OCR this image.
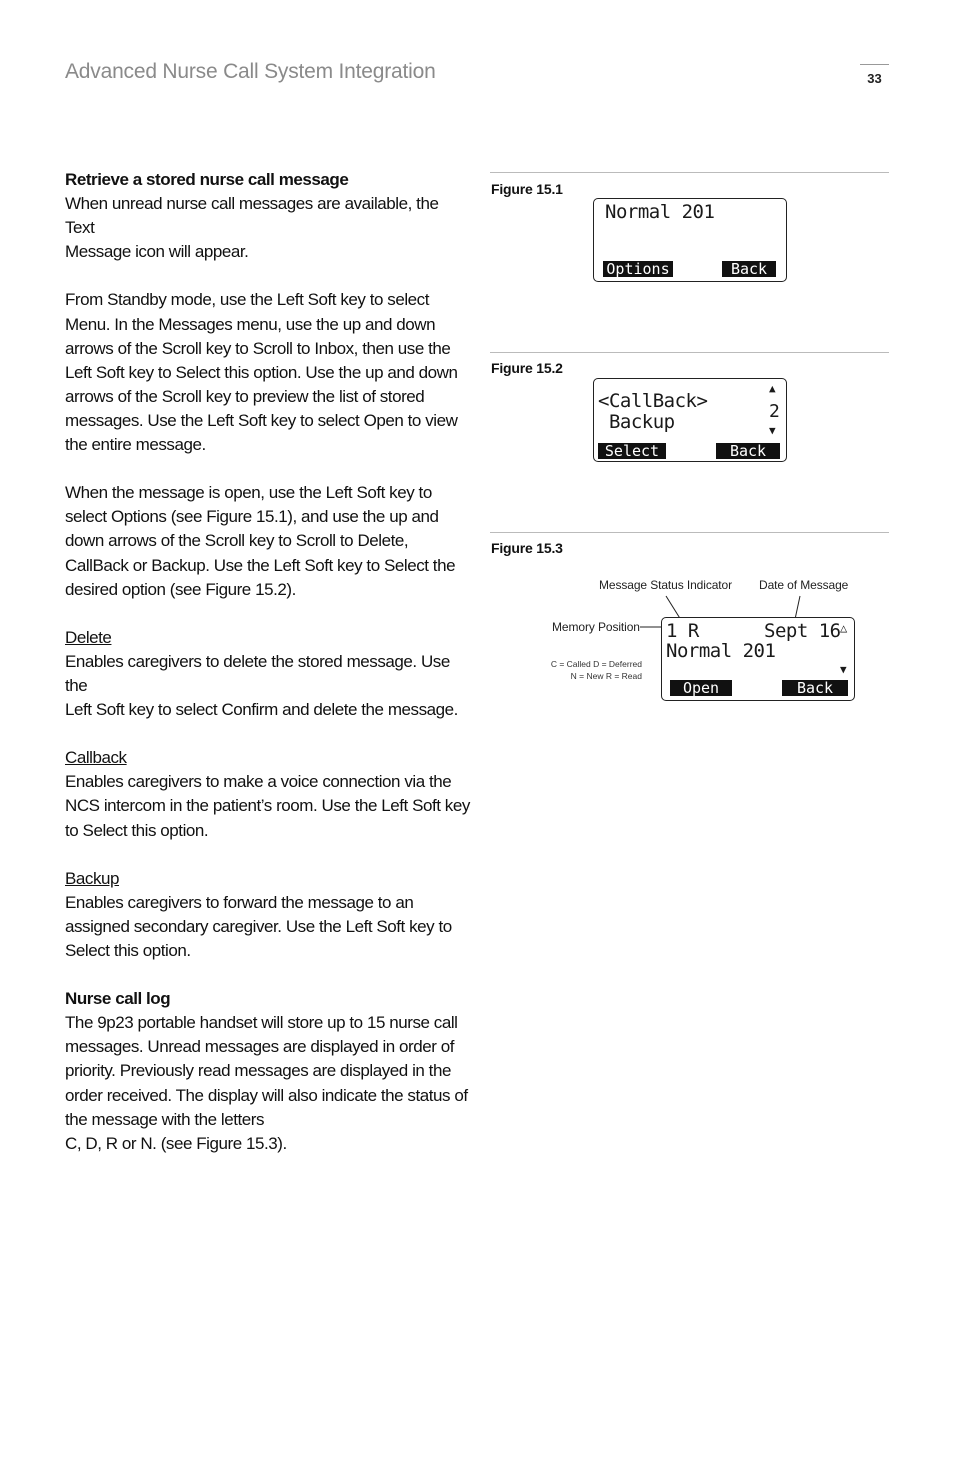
Advanced Nurse Call System Integration	33

Retrieve a stored nurse call message
When unread nurse call messages are available, the Text
Message icon will appear.

From Standby mode, use the Left Soft key to select
Menu. In the Messages menu, use the up and down
arrows of the Scroll key to Scroll to Inbox, then use the
Left Soft key to Select this option. Use the up and down
arrows of the Scroll key to preview the list of stored
messages. Use the Left Soft key to select Open to view
the entire message.

When the message is open, use the Left Soft key to
select Options (see Figure 15.1), and use the up and
down arrows of the Scroll key to Scroll to Delete,
CallBack or Backup. Use the Left Soft key to Select the
desired option (see Figure 15.2).

Delete
Enables caregivers to delete the stored message. Use the
Left Soft key to select Confirm and delete the message.

Callback
Enables caregivers to make a voice connection via the
NCS intercom in the patient’s room. Use the Left Soft key
to Select this option.

Backup
Enables caregivers to forward the message to an
assigned secondary caregiver. Use the Left Soft key to
Select this option.

Nurse call log
The 9p23 portable handset will store up to 15 nurse call
messages. Unread messages are displayed in order of
priority. Previously read messages are displayed in the
order received. The display will also indicate the status of
the message with the letters
C, D, R or N. (see Figure 15.3).

Figure 15.1
Normal 201
Options	Back
Figure 15.2
<CallBack>
Backup
▲
2
▼
Select	Back
Figure 15.3
Message Status Indicator Date of Message
Memory Position
C = Called D = Deferred
N = New R = Read
1 R	Sept 16 △
Normal 201
▼
Open	Back
